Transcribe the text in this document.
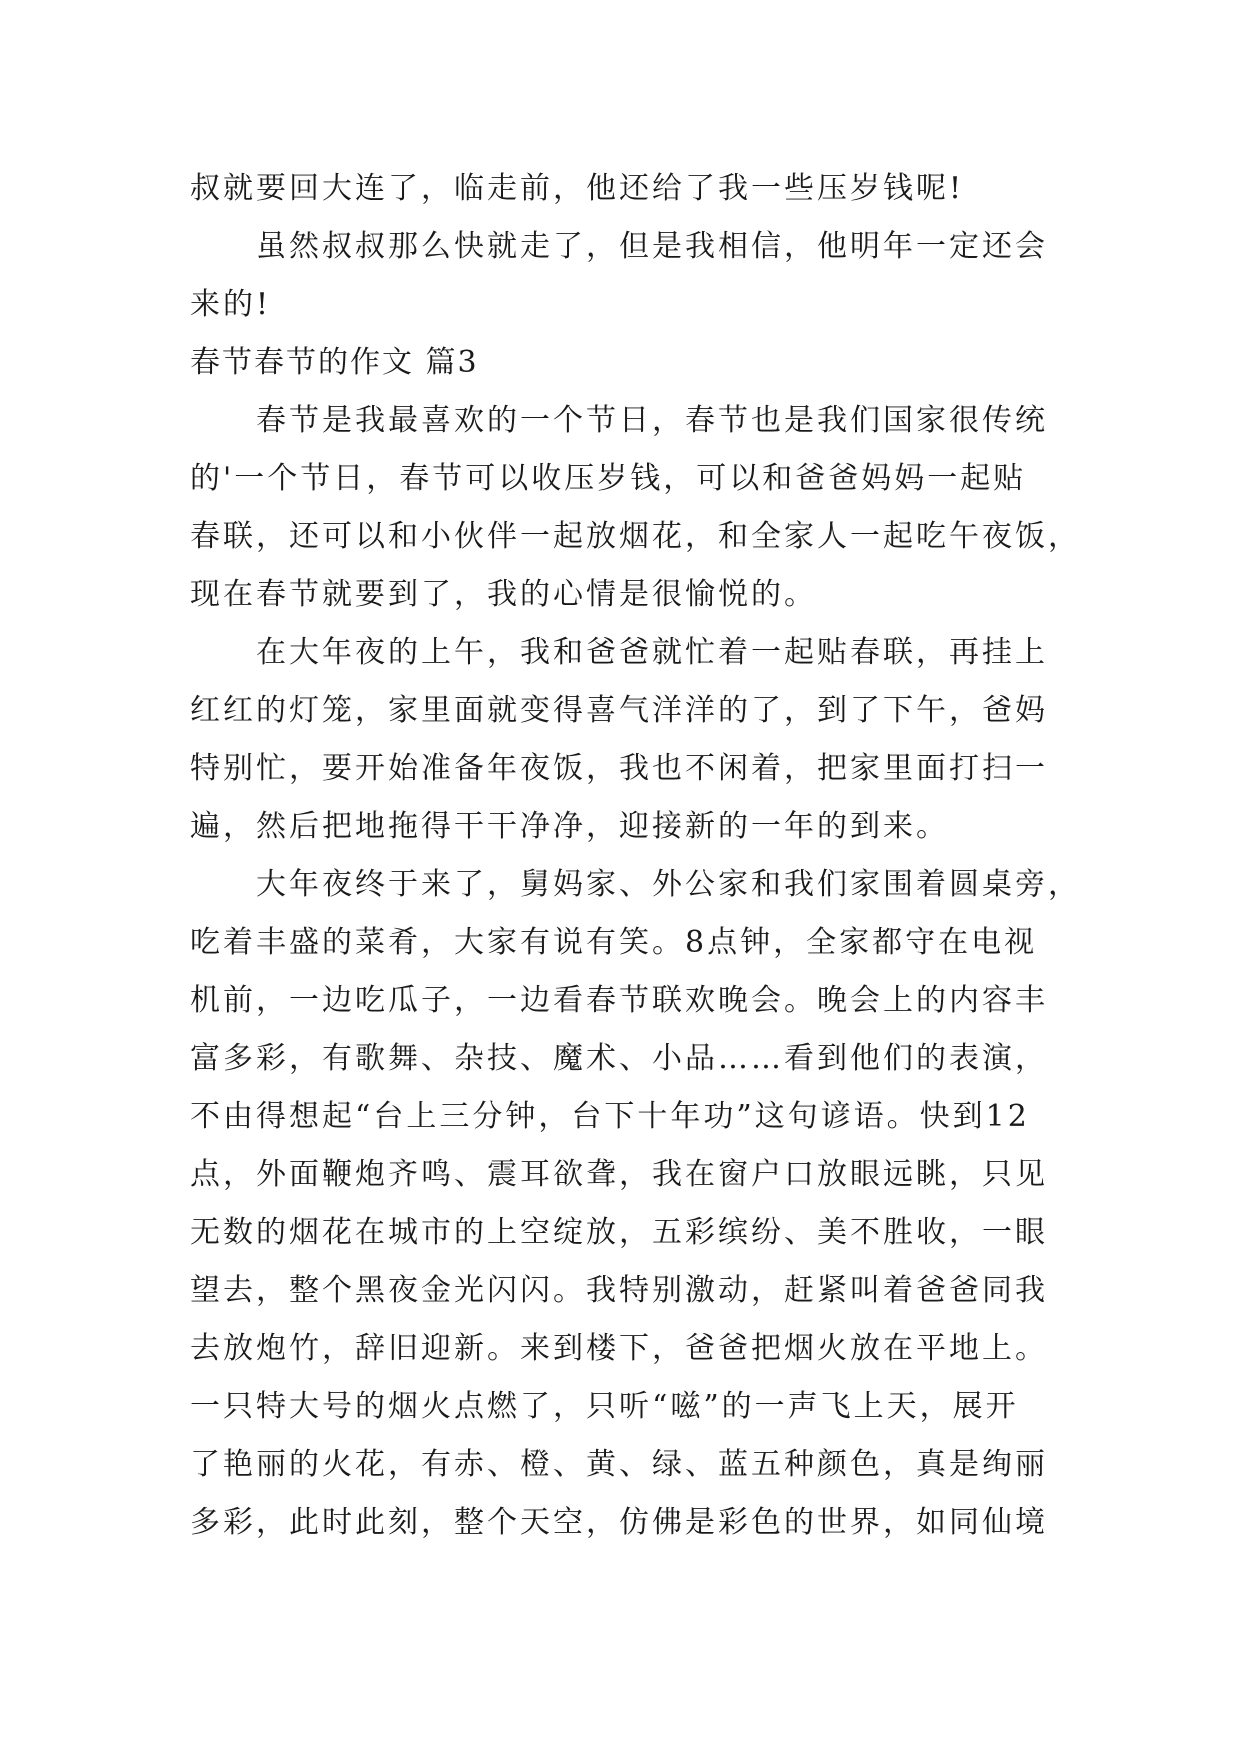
叔就要回大连了，临走前，他还给了我一些压岁钱呢!
虽然叔叔那么快就走了，但是我相信，他明年一定还会
来的!
春节春节的作文 篇3
春节是我最喜欢的一个节日，春节也是我们国家很传统
的'一个节日，春节可以收压岁钱，可以和爸爸妈妈一起贴
春联，还可以和小伙伴一起放烟花，和全家人一起吃午夜饭，
现在春节就要到了，我的心情是很愉悦的。
在大年夜的上午，我和爸爸就忙着一起贴春联，再挂上
红红的灯笼，家里面就变得喜气洋洋的了，到了下午，爸妈
特别忙，要开始准备年夜饭，我也不闲着，把家里面打扫一
遍，然后把地拖得干干净净，迎接新的一年的到来。
大年夜终于来了，舅妈家、外公家和我们家围着圆桌旁，
吃着丰盛的菜肴，大家有说有笑。8点钟，全家都守在电视
机前，一边吃瓜子，一边看春节联欢晚会。晚会上的内容丰
富多彩，有歌舞、杂技、魔术、小品……看到他们的表演，
不由得想起“台上三分钟，台下十年功”这句谚语。快到12
点，外面鞭炮齐鸣、震耳欲聋，我在窗户口放眼远眺，只见
无数的烟花在城市的上空绽放，五彩缤纷、美不胜收，一眼
望去，整个黑夜金光闪闪。我特别激动，赶紧叫着爸爸同我
去放炮竹，辞旧迎新。来到楼下，爸爸把烟火放在平地上。
一只特大号的烟火点燃了，只听“嗞”的一声飞上天，展开
了艳丽的火花，有赤、橙、黄、绿、蓝五种颜色，真是绚丽
多彩，此时此刻，整个天空，仿佛是彩色的世界，如同仙境
